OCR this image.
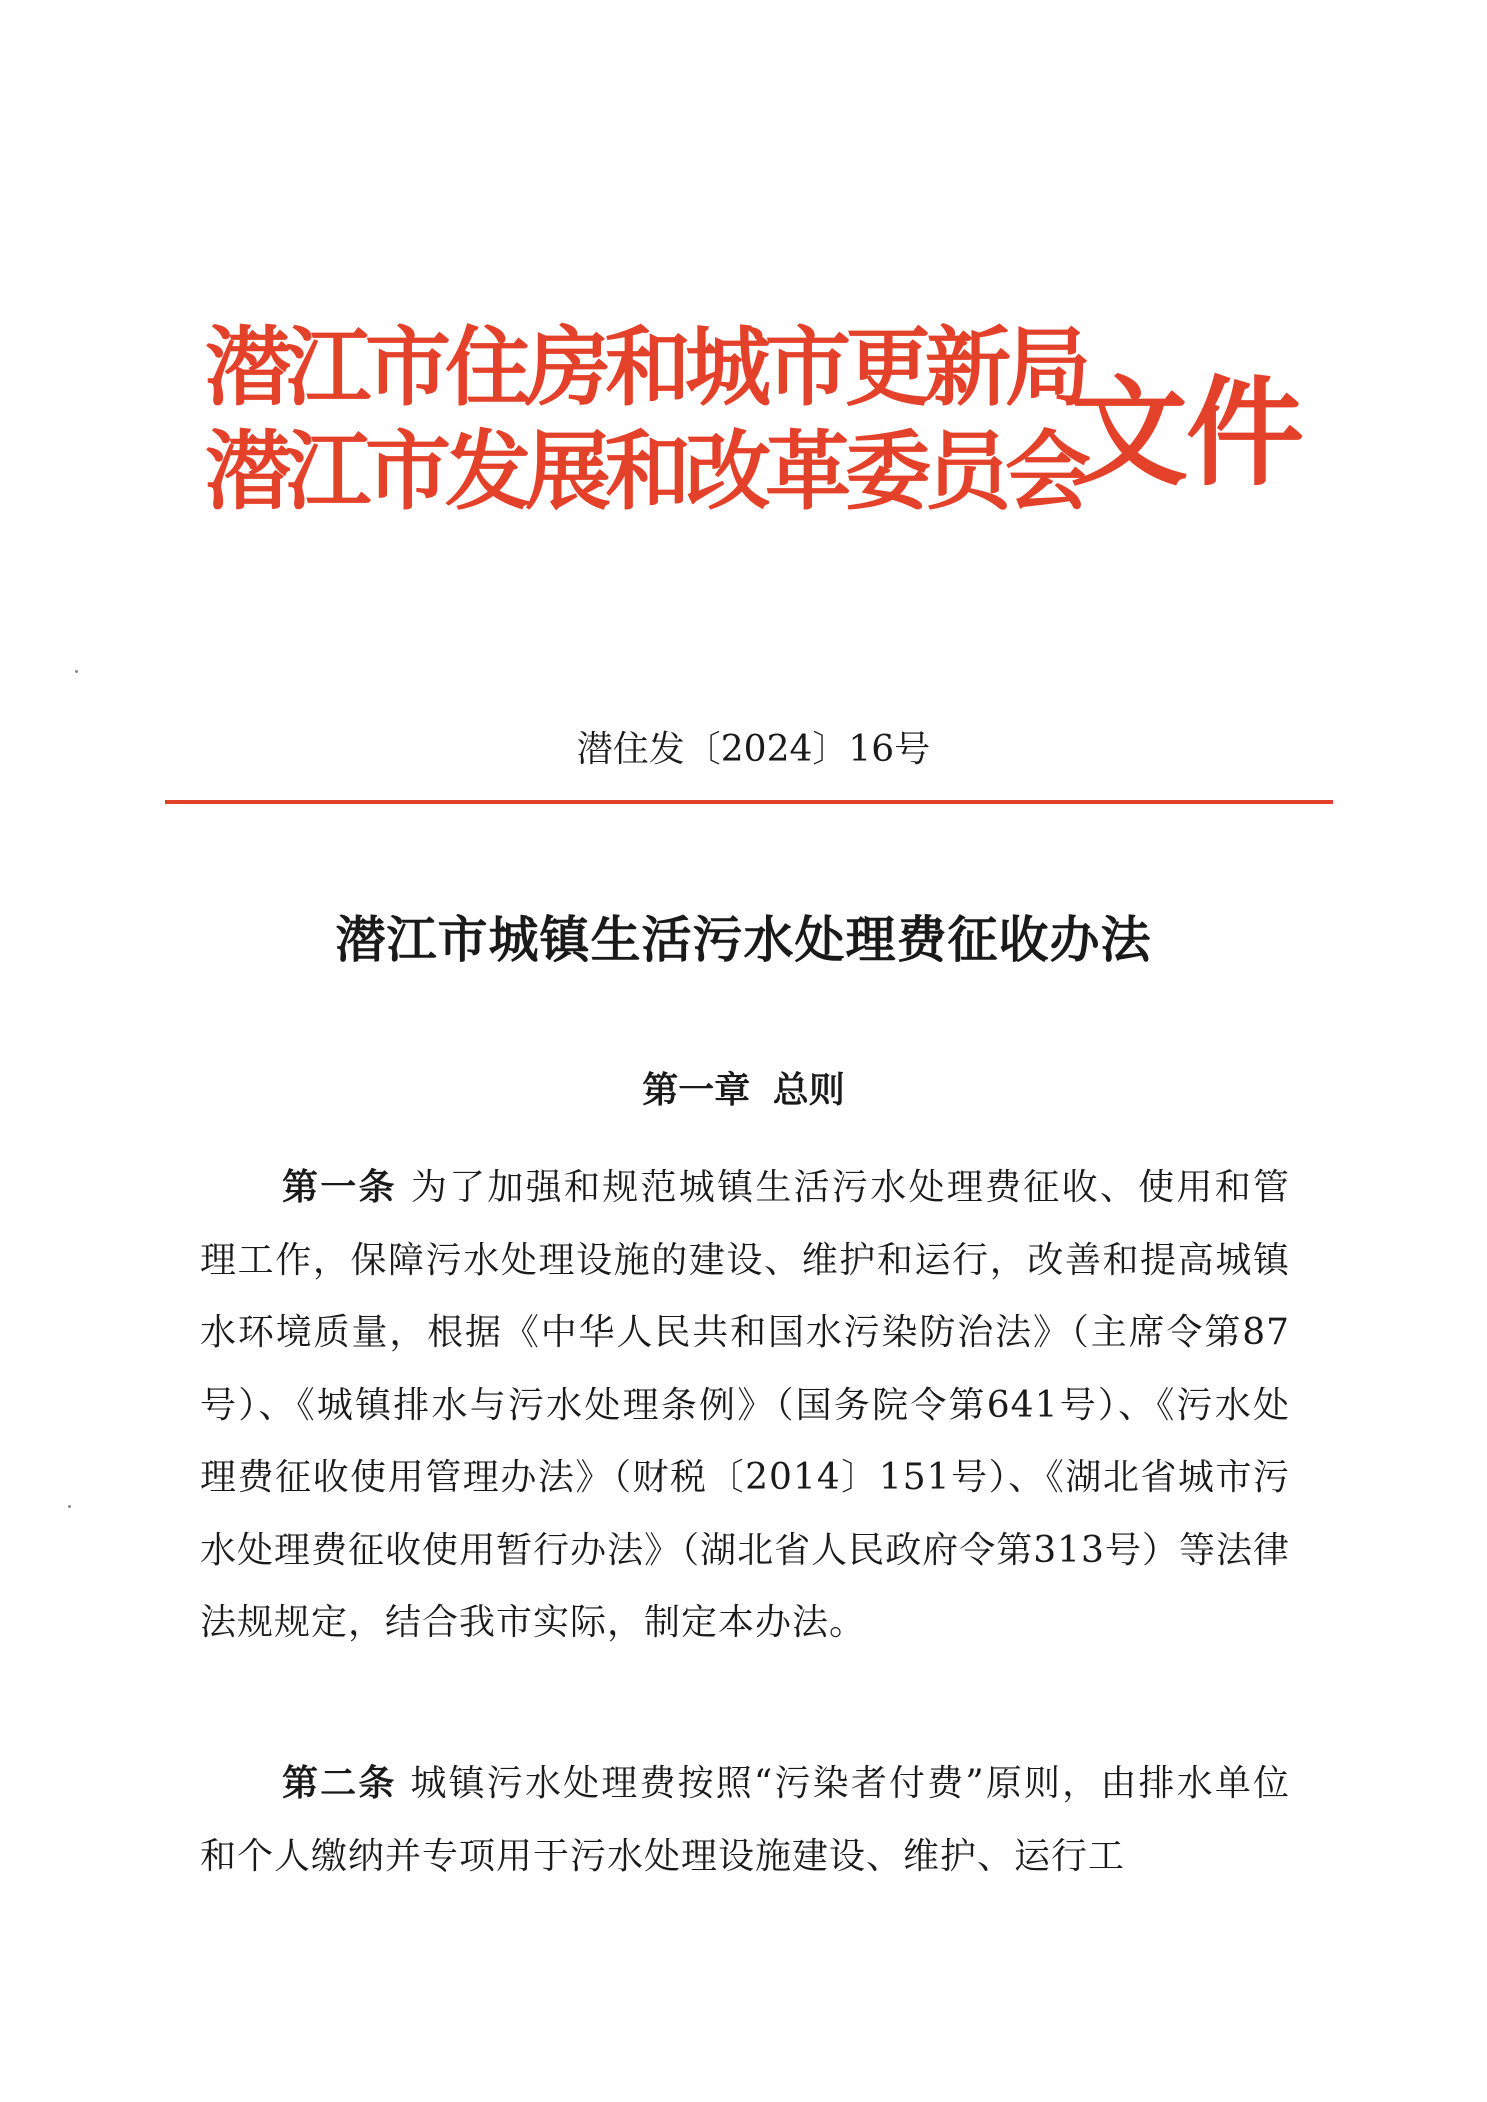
潜江市住房和城市更新局
潜江市发展和改革委员会
文件
潜住发〔2024〕16号
潜江市城镇生活污水处理费征收办法
第一章 总则
第一条 为了加强和规范城镇生活污水处理费征收、使用和管理工作，保障污水处理设施的建设、维护和运行，改善和提高城镇水环境质量，根据《中华人民共和国水污染防治法》（主席令第87号）、《城镇排水与污水处理条例》（国务院令第641号）、《污水处理费征收使用管理办法》（财税〔2014〕151号）、《湖北省城市污水处理费征收使用暂行办法》（湖北省人民政府令第313号）等法律法规规定，结合我市实际，制定本办法。
第二条 城镇污水处理费按照“污染者付费”原则，由排水单位和个人缴纳并专项用于污水处理设施建设、维护、运行工
